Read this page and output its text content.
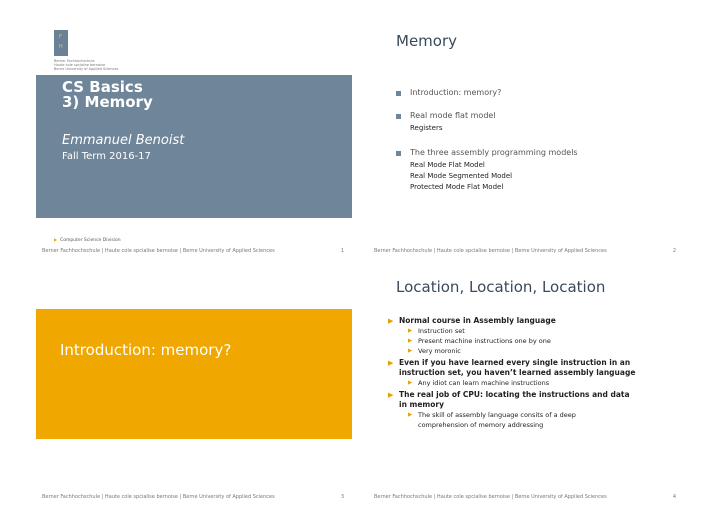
F
H
Berner Fachhochschule
Haute cole spcialise bernoise
Berne University of Applied Sciences
CS Basics
3) Memory
Emmanuel Benoist
Fall Term 2016-17
▶ Computer Science Division
Berner Fachhochschule | Haute cole spcialise bernoise | Berne University of Applied Sciences	1
Memory
Introduction: memory?
Real mode flat model
Registers
The three assembly programming models
Real Mode Flat Model
Real Mode Segmented Model
Protected Mode Flat Model
Berner Fachhochschule | Haute cole spcialise bernoise | Berne University of Applied Sciences	2
Introduction: memory?
Berner Fachhochschule | Haute cole spcialise bernoise | Berne University of Applied Sciences	3
Location, Location, Location
▶ Normal course in Assembly language
▶ Instruction set
▶ Present machine instructions one by one
▶ Very moronic
▶ Even if you have learned every single instruction in an
instruction set, you haven’t learned assembly language
▶ Any idiot can learn machine instructions
▶ The real job of CPU: locating the instructions and data
in memory
▶ The skill of assembly language consits of a deep
comprehension of memory addressing
Berner Fachhochschule | Haute cole spcialise bernoise | Berne University of Applied Sciences	4
